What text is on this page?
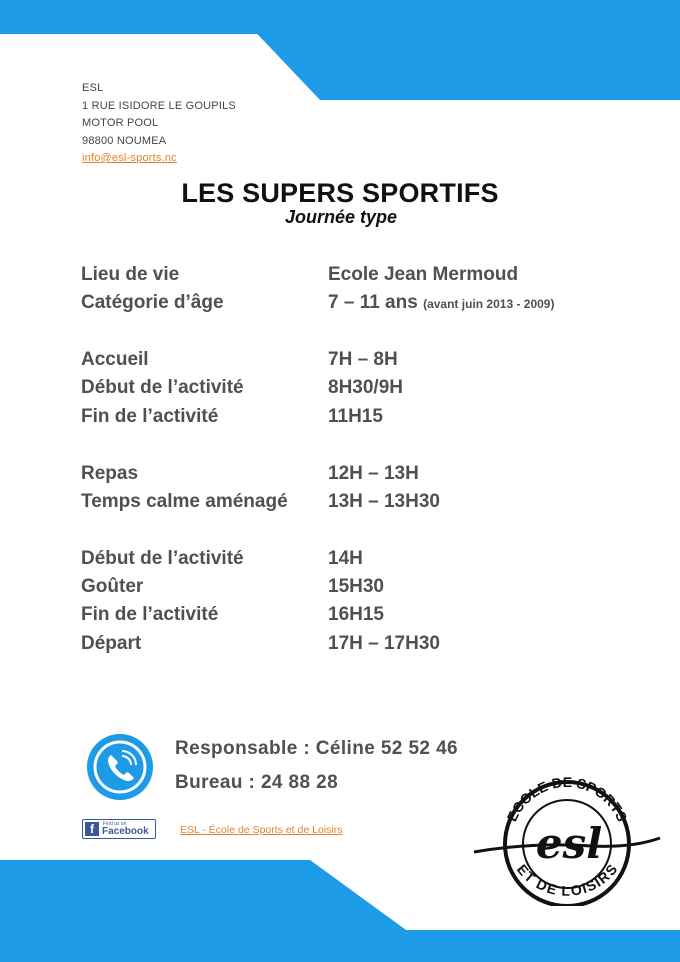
ESL
1 RUE ISIDORE LE GOUPILS
MOTOR POOL
98800 NOUMEA
info@esl-sports.nc
LES SUPERS SPORTIFS
Journée type
Lieu de vie	Ecole Jean Mermoud
Catégorie d’âge	7 – 11 ans (avant juin 2013 - 2009)
Accueil	7H – 8H
Début de l’activité	8H30/9H
Fin de l’activité	11H15
Repas	12H – 13H
Temps calme aménagé 13H – 13H30
Début de l’activité	14H
Goûter	15H30
Fin de l’activité	16H15
Départ	17H – 17H30
Responsable : Céline 52 52 46
Bureau : 24 88 28
f	Find us on
Facebook	ESL - École de Sports et de Loisirs
ECOLE DE SPORTS
ET DE LOISIRS
esl
